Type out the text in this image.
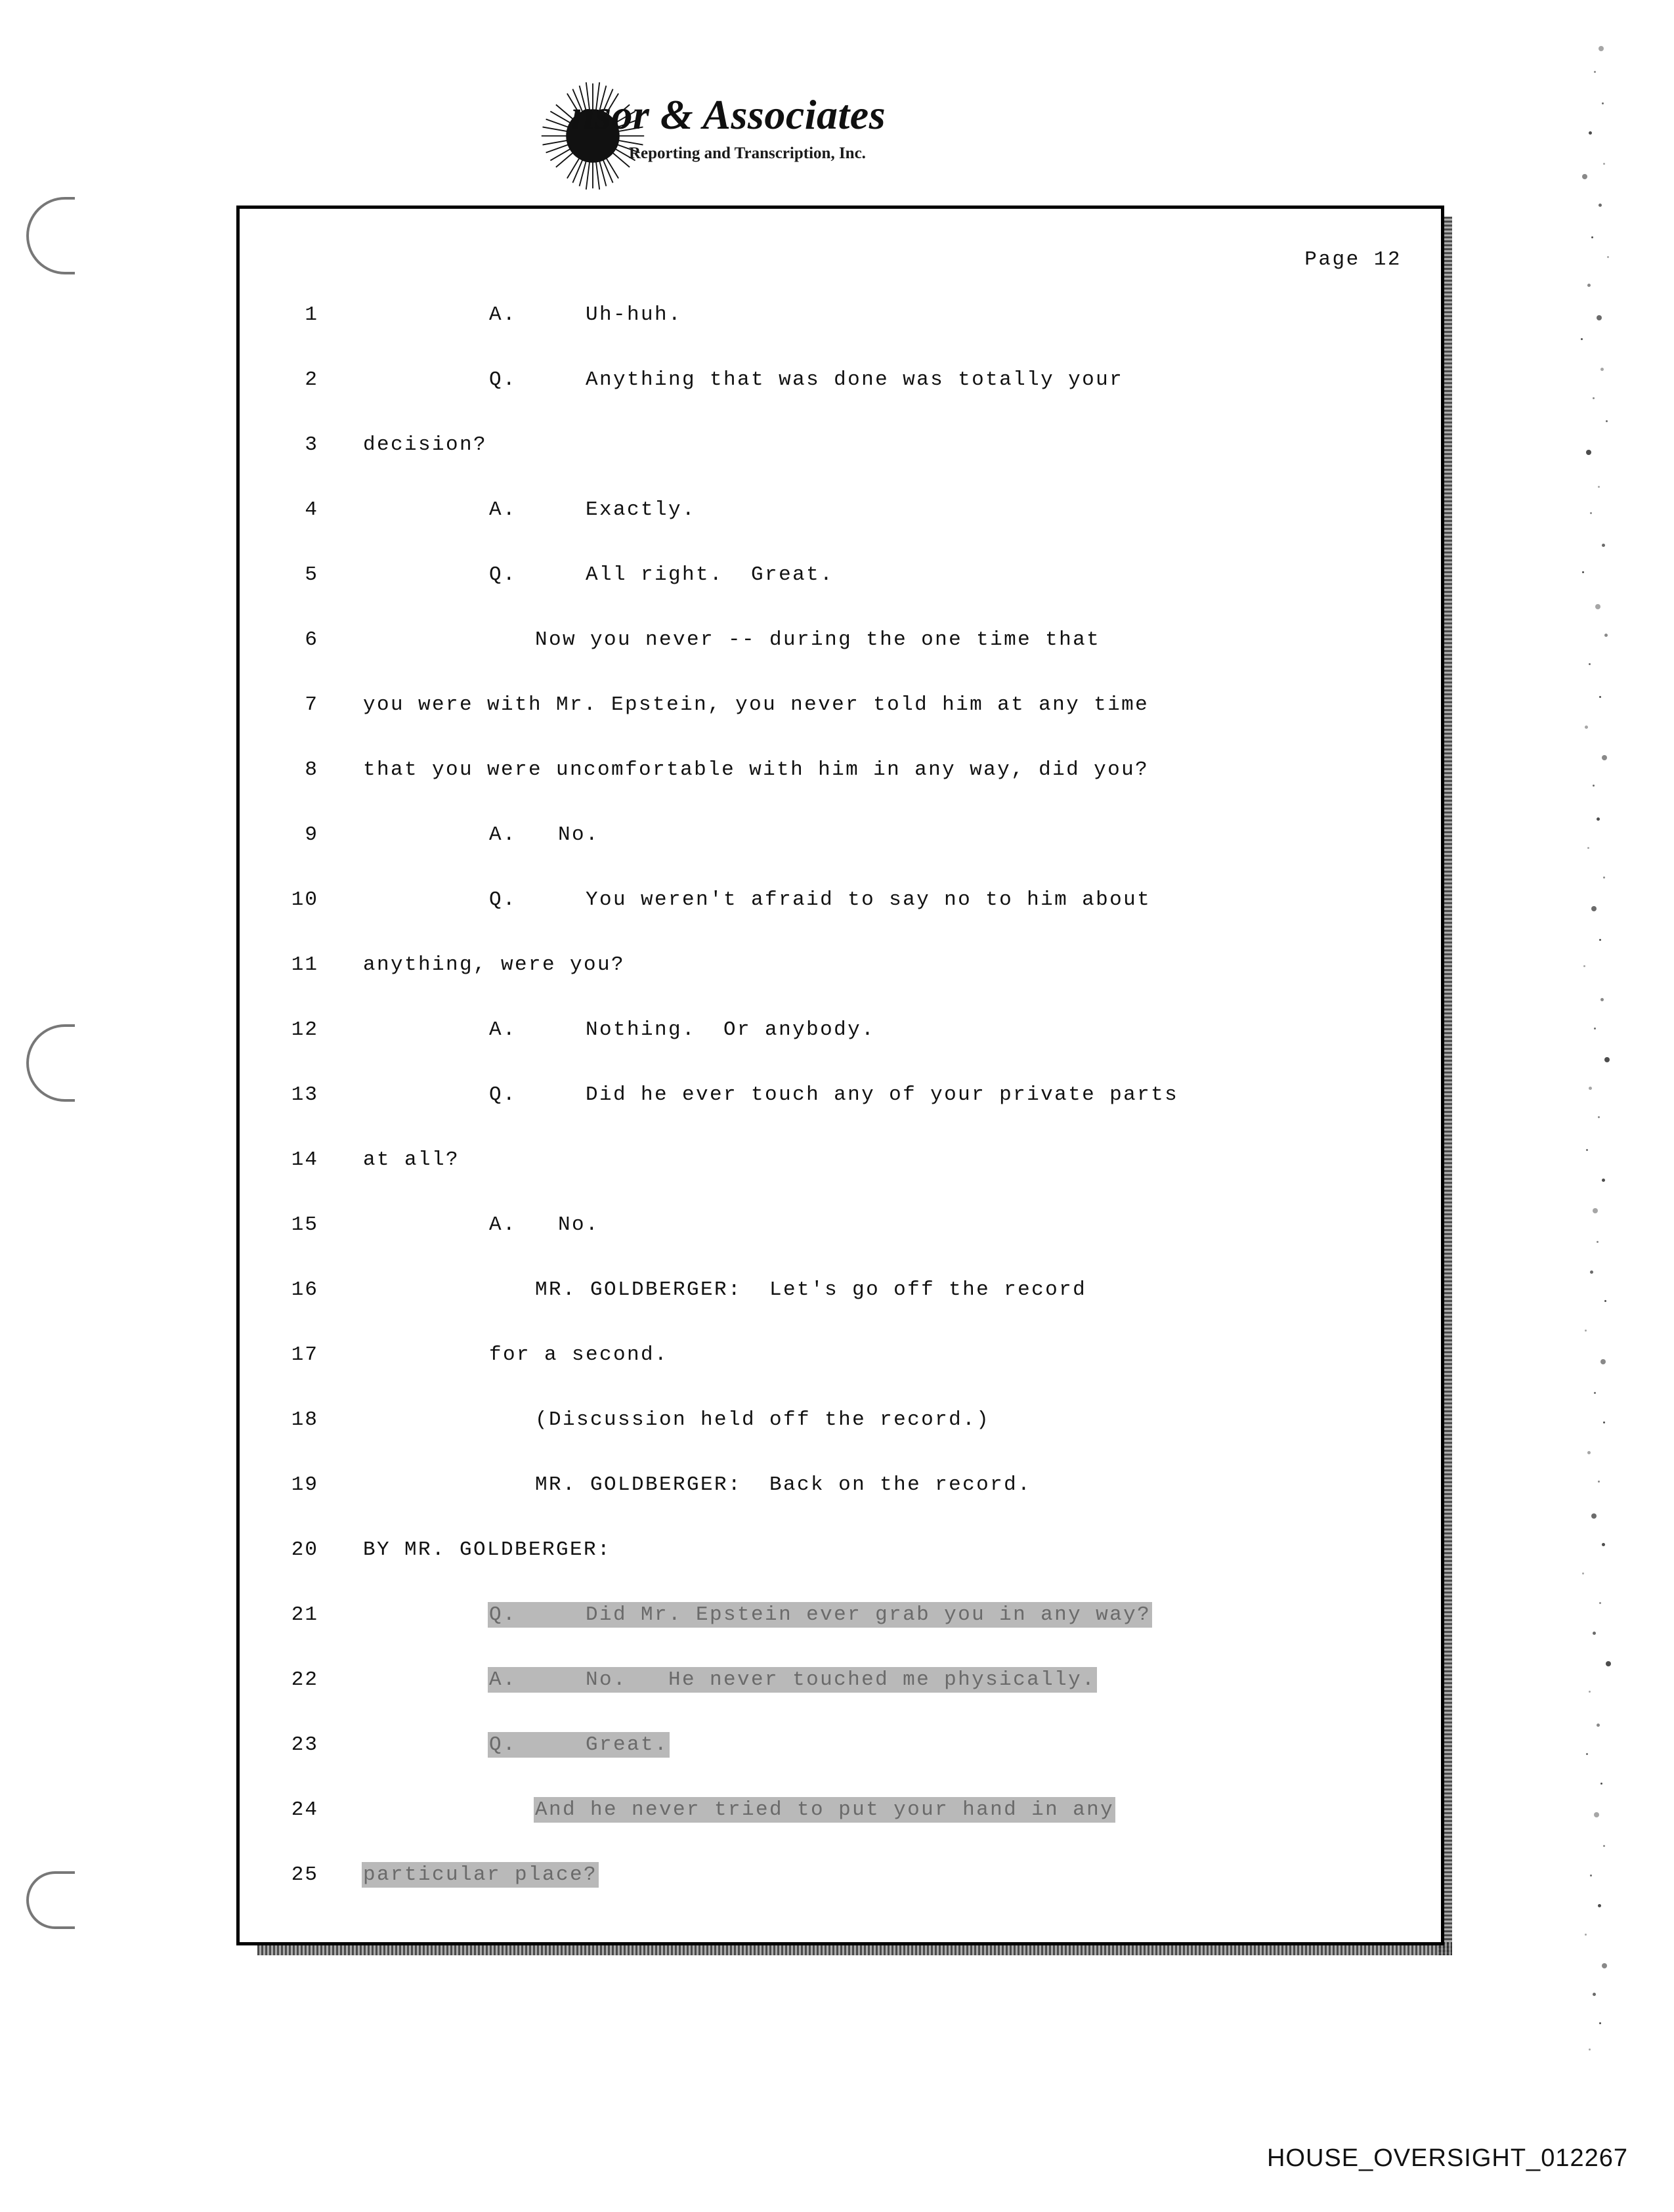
nsor & Associates
Reporting and Transcription, Inc.
Page 12
1	A.     Uh-huh.
2	Q.     Anything that was done was totally your
3	decision?
4	A.     Exactly.
5	Q.     All right.  Great.
6	Now you never -- during the one time that
7	you were with Mr. Epstein, you never told him at any time
8	that you were uncomfortable with him in any way, did you?
9	A.   No.
10	Q.     You weren't afraid to say no to him about
11	anything, were you?
12	A.     Nothing.  Or anybody.
13	Q.     Did he ever touch any of your private parts
14	at all?
15	A.   No.
16	MR. GOLDBERGER:  Let's go off the record
17	for a second.
18	(Discussion held off the record.)
19	MR. GOLDBERGER:  Back on the record.
20	BY MR. GOLDBERGER:
21	Q.     Did Mr. Epstein ever grab you in any way?
22	A.     No.   He never touched me physically.
23	Q.     Great.
24	And he never tried to put your hand in any
25	particular place?
HOUSE_OVERSIGHT_012267
